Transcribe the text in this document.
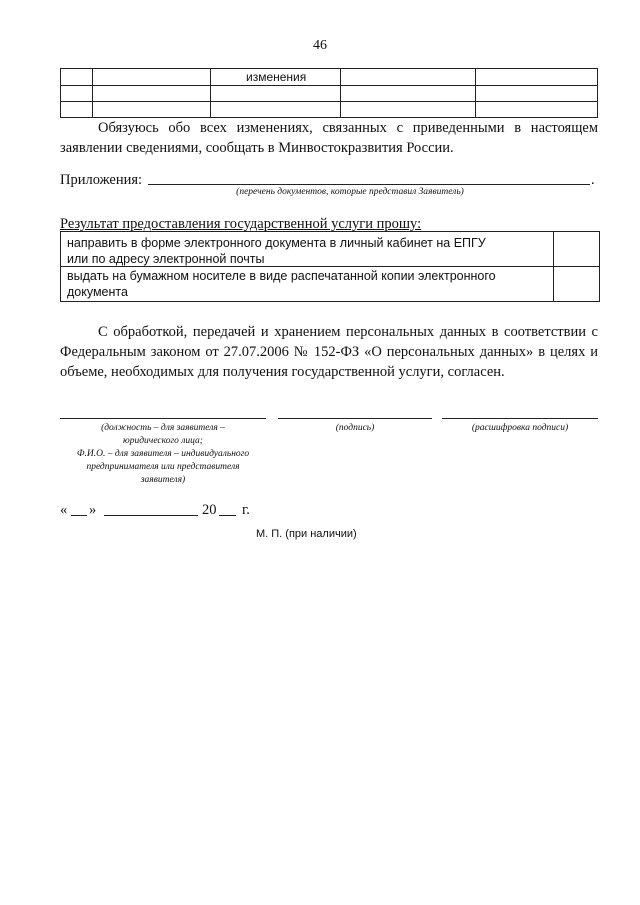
46
изменения
Обязуюсь обо всех изменениях, связанных с приведенными в настоящем заявлении сведениями, сообщать в Минвостокразвития России.
Приложения:	.
(перечень документов, которые представил Заявитель)
Результат предоставления государственной услуги прошу:
направить в форме электронного документа в личный кабинет на ЕПГУ
или по адресу электронной почты
выдать на бумажном носителе в виде распечатанной копии электронного
документа
С обработкой, передачей и хранением персональных данных в соответствии с Федеральным законом от 27.07.2006 № 152-ФЗ «О персональных данных» в целях и объеме, необходимых для получения государственной услуги, согласен.
(должность – для заявителя –
юридического лица;
Ф.И.О. – для заявителя – индивидуального
предпринимателя или представителя
заявителя)
(подпись)	(расшифровка подписи)
« »	20 г.
М. П. (при наличии)
